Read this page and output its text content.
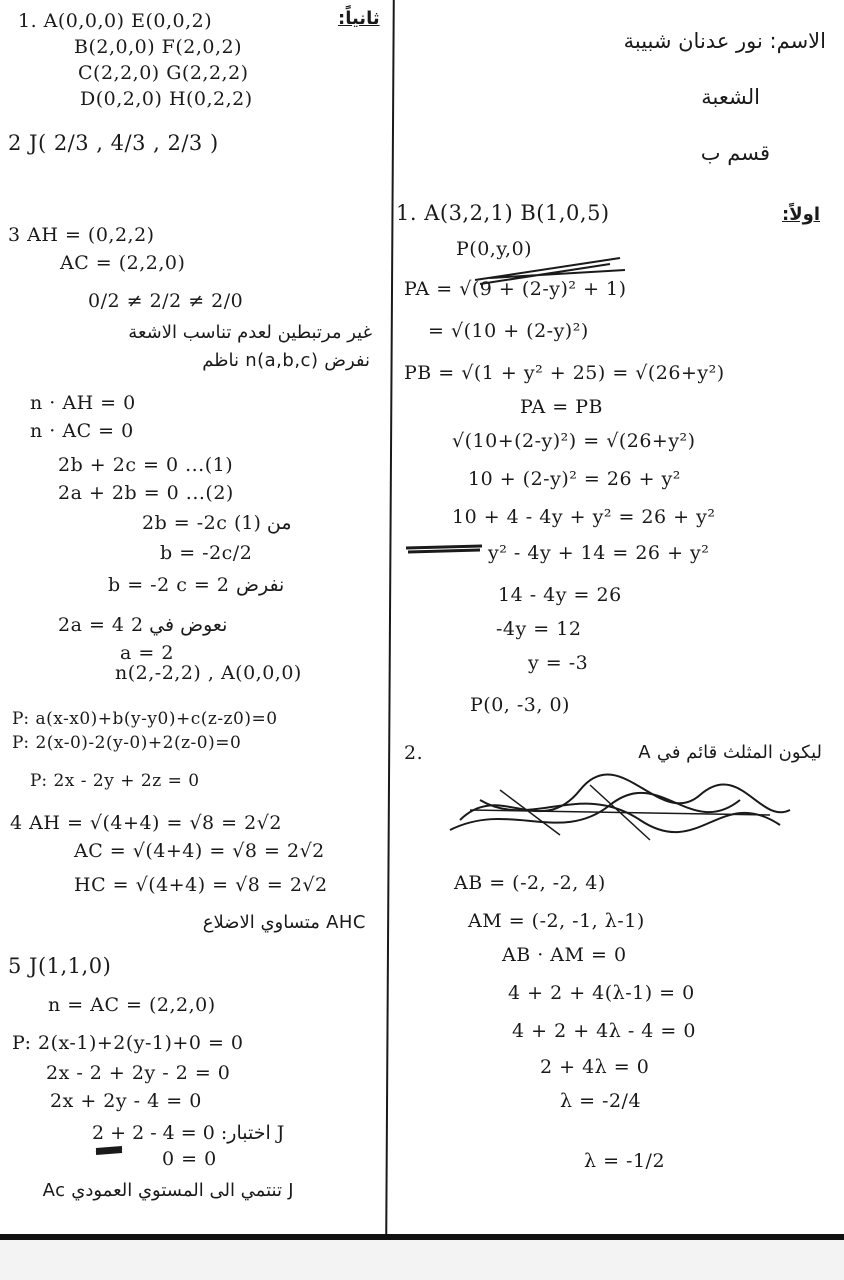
ثانياً:
1. A(0,0,0) E(0,0,2)
B(2,0,0) F(2,0,2)
C(2,2,0) G(2,2,2)
D(0,2,0) H(0,2,2)
2 J( 2/3 , 4/3 , 2/3 )
3 AH = (0,2,2)
AC = (2,2,0)
0/2 ≠ 2/2 ≠ 2/0
غير مرتبطين لعدم تناسب الاشعة
نفرض n(a,b,c) ناظم
n · AH = 0
n · AC = 0
2b + 2c = 0 ...(1)
2a + 2b = 0 ...(2)
2b = -2c من (1)
b = -2c/2
b = -2 c = 2 نفرض
2a = 4 نعوض في 2
a = 2
n(2,-2,2) , A(0,0,0)
P: a(x-x0)+b(y-y0)+c(z-z0)=0
P: 2(x-0)-2(y-0)+2(z-0)=0
P: 2x - 2y + 2z = 0
4 AH = √(4+4) = √8 = 2√2
AC = √(4+4) = √8 = 2√2
HC = √(4+4) = √8 = 2√2
AHC متساوي الاضلاع
5 J(1,1,0)
n = AC = (2,2,0)
P: 2(x-1)+2(y-1)+0 = 0
2x - 2 + 2y - 2 = 0
2x + 2y - 4 = 0
2 + 2 - 4 = 0 :اختبار J
0 = 0
J تنتمي الى المستوي العمودي Ac
الاسم: نور عدنان شبيبة
الشعبة
قسم ب
اولاً:
1. A(3,2,1) B(1,0,5)
P(0,y,0)
PA = √(9 + (2-y)² + 1)
= √(10 + (2-y)²)
PB = √(1 + y² + 25) = √(26+y²)
PA = PB
√(10+(2-y)²) = √(26+y²)
10 + (2-y)² = 26 + y²
10 + 4 - 4y + y² = 26 + y²
y² - 4y + 14 = 26 + y²
14 - 4y = 26
-4y = 12
y = -3
P(0, -3, 0)
2.	ليكون المثلث قائم في A
AB = (-2, -2, 4)
AM = (-2, -1, λ-1)
AB · AM = 0
4 + 2 + 4(λ-1) = 0
4 + 2 + 4λ - 4 = 0
2 + 4λ = 0
λ = -2/4
λ = -1/2
